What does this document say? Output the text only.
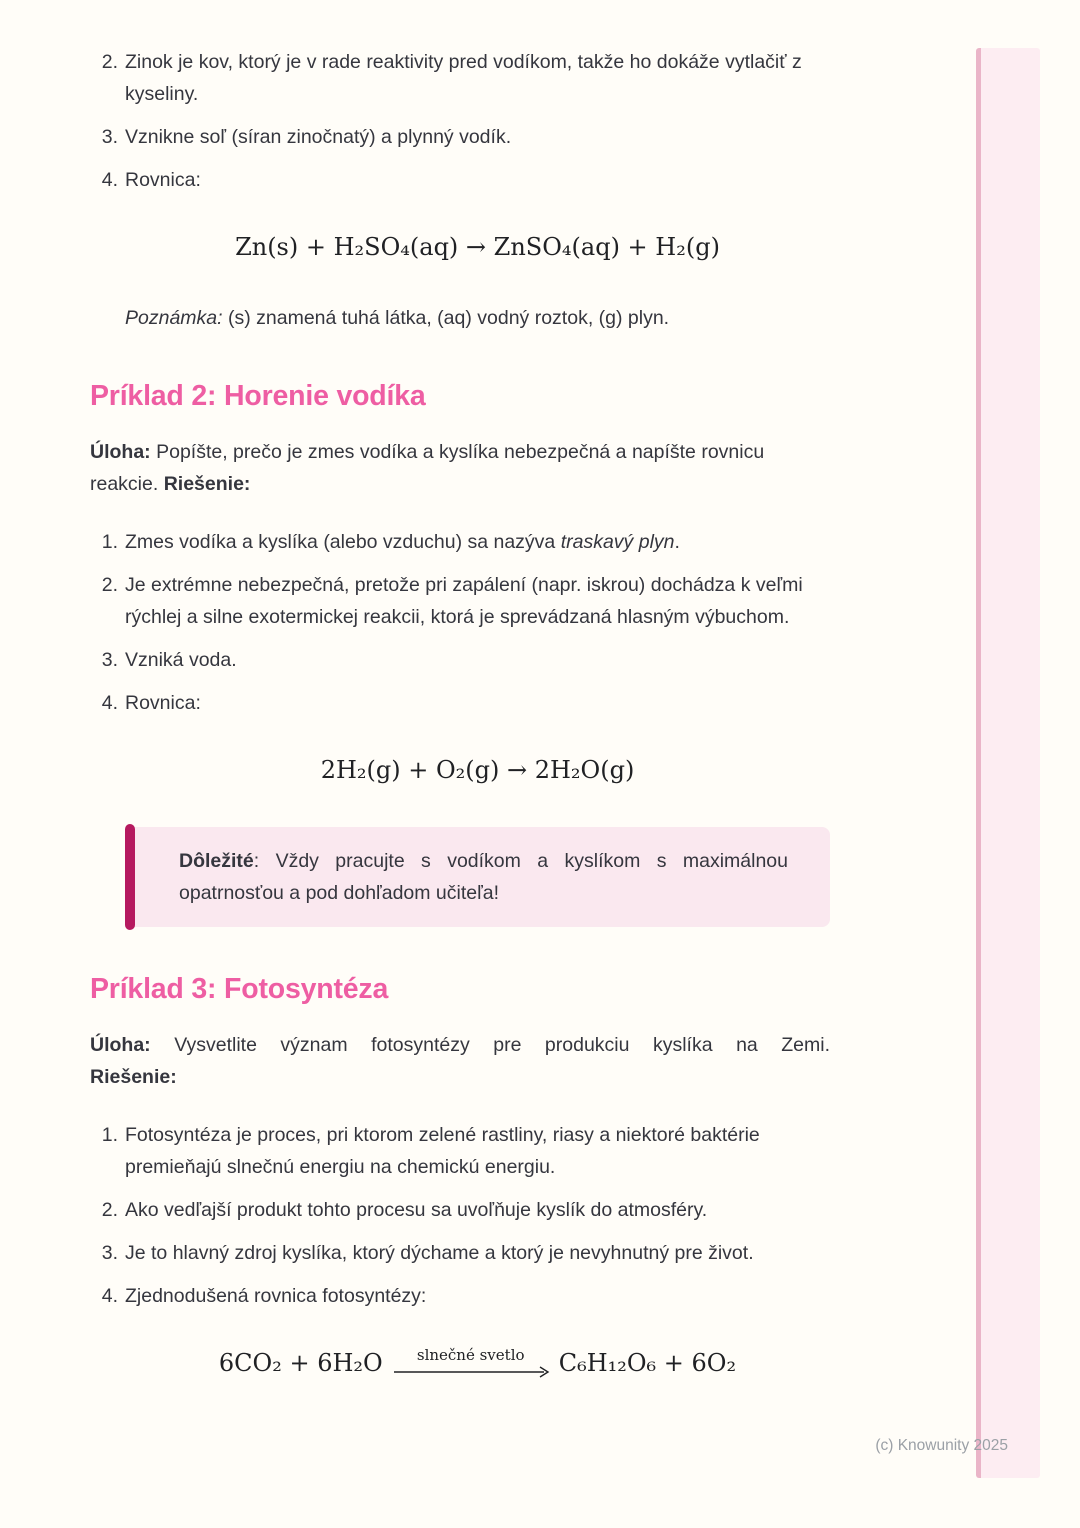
2. Zinok je kov, ktorý je v rade reaktivity pred vodíkom, takže ho dokáže vytlačiť z kyseliny.
3. Vznikne soľ (síran zinočnatý) a plynný vodík.
4. Rovnica:
Zn(s) + H₂SO₄(aq) → ZnSO₄(aq) + H₂(g)

Poznámka: (s) znamená tuhá látka, (aq) vodný roztok, (g) plyn.

Príklad 2: Horenie vodíka

Úloha: Popíšte, prečo je zmes vodíka a kyslíka nebezpečná a napíšte rovnicu
reakcie. Riešenie:

1. Zmes vodíka a kyslíka (alebo vzduchu) sa nazýva traskavý plyn.
2. Je extrémne nebezpečná, pretože pri zapálení (napr. iskrou) dochádza k veľmi rýchlej a silne exotermickej reakcii, ktorá je sprevádzaná hlasným výbuchom.
3. Vzniká voda.
4. Rovnica:
2H₂(g) + O₂(g) → 2H₂O(g)
Dôležité: Vždy pracujte s vodíkom a kyslíkom s maximálnou
opatrnosťou a pod dohľadom učiteľa!
Príklad 3: Fotosyntéza

Úloha: Vysvetlite význam fotosyntézy pre produkciu kyslíka na Zemi.
Riešenie:

1. Fotosyntéza je proces, pri ktorom zelené rastliny, riasy a niektoré baktérie premieňajú slnečnú energiu na chemickú energiu.
2. Ako vedľajší produkt tohto procesu sa uvoľňuje kyslík do atmosféry.
3. Je to hlavný zdroj kyslíka, ktorý dýchame a ktorý je nevyhnutný pre život.
4. Zjednodušená rovnica fotosyntézy:
6CO₂ + 6H₂O slnečné svetlo C₆H₁₂O₆ + 6O₂
(c) Knowunity 2025
